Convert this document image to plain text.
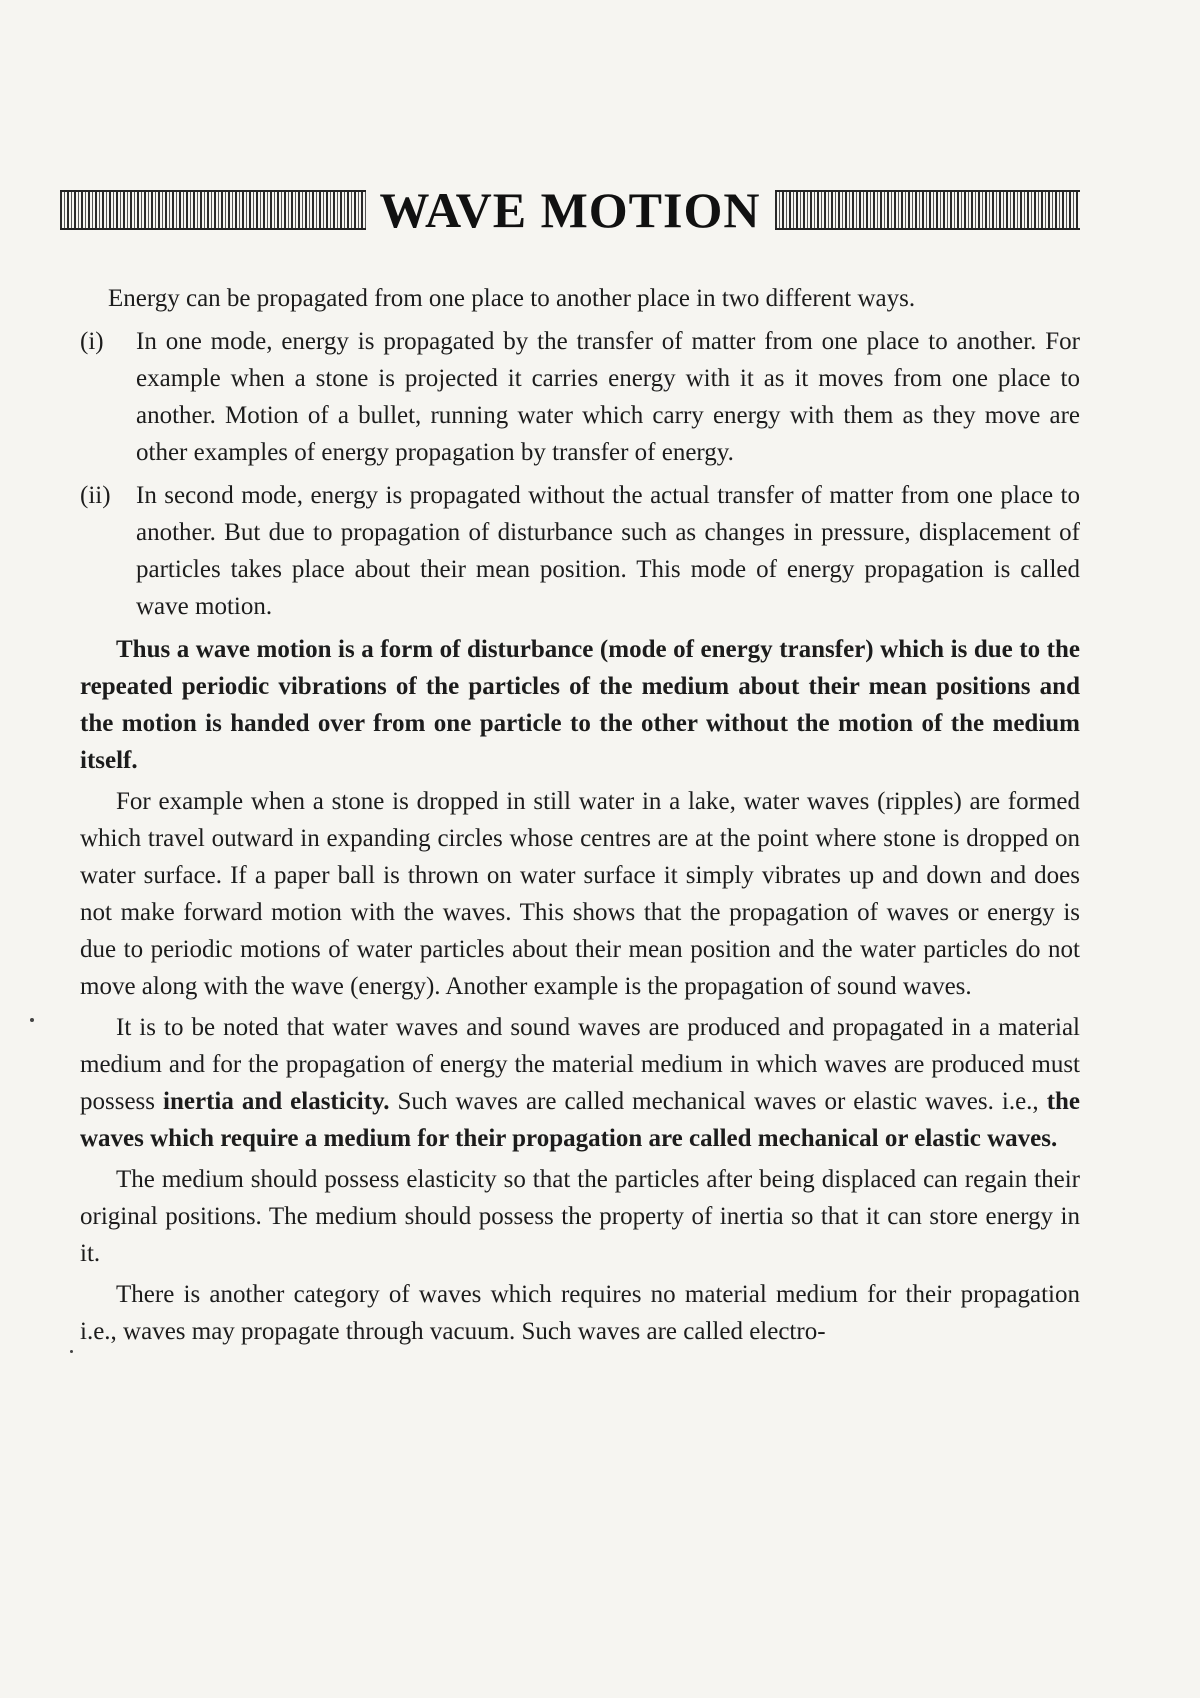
WAVE MOTION

Energy can be propagated from one place to another place in two different ways.

(i)	In one mode, energy is propagated by the transfer of matter from one place to another. For example when a stone is projected it carries energy with it as it moves from one place to another. Motion of a bullet, running water which carry energy with them as they move are other examples of energy propagation by transfer of energy.
(ii)	In second mode, energy is propagated without the actual transfer of matter from one place to another. But due to propagation of disturbance such as changes in pressure, displacement of particles takes place about their mean position. This mode of energy propagation is called wave motion.

Thus a wave motion is a form of disturbance (mode of energy transfer) which is due to the repeated periodic vibrations of the particles of the medium about their mean positions and the motion is handed over from one particle to the other without the motion of the medium itself.

For example when a stone is dropped in still water in a lake, water waves (ripples) are formed which travel outward in expanding circles whose centres are at the point where stone is dropped on water surface. If a paper ball is thrown on water surface it simply vibrates up and down and does not make forward motion with the waves. This shows that the propagation of waves or energy is due to periodic motions of water particles about their mean position and the water particles do not move along with the wave (energy). Another example is the propagation of sound waves.

It is to be noted that water waves and sound waves are produced and propagated in a material medium and for the propagation of energy the material medium in which waves are produced must possess inertia and elasticity. Such waves are called mechanical waves or elastic waves. i.e., the waves which require a medium for their propagation are called mechanical or elastic waves.

The medium should possess elasticity so that the particles after being displaced can regain their original positions. The medium should possess the property of inertia so that it can store energy in it.

There is another category of waves which requires no material medium for their propagation i.e., waves may propagate through vacuum. Such waves are called electro-
